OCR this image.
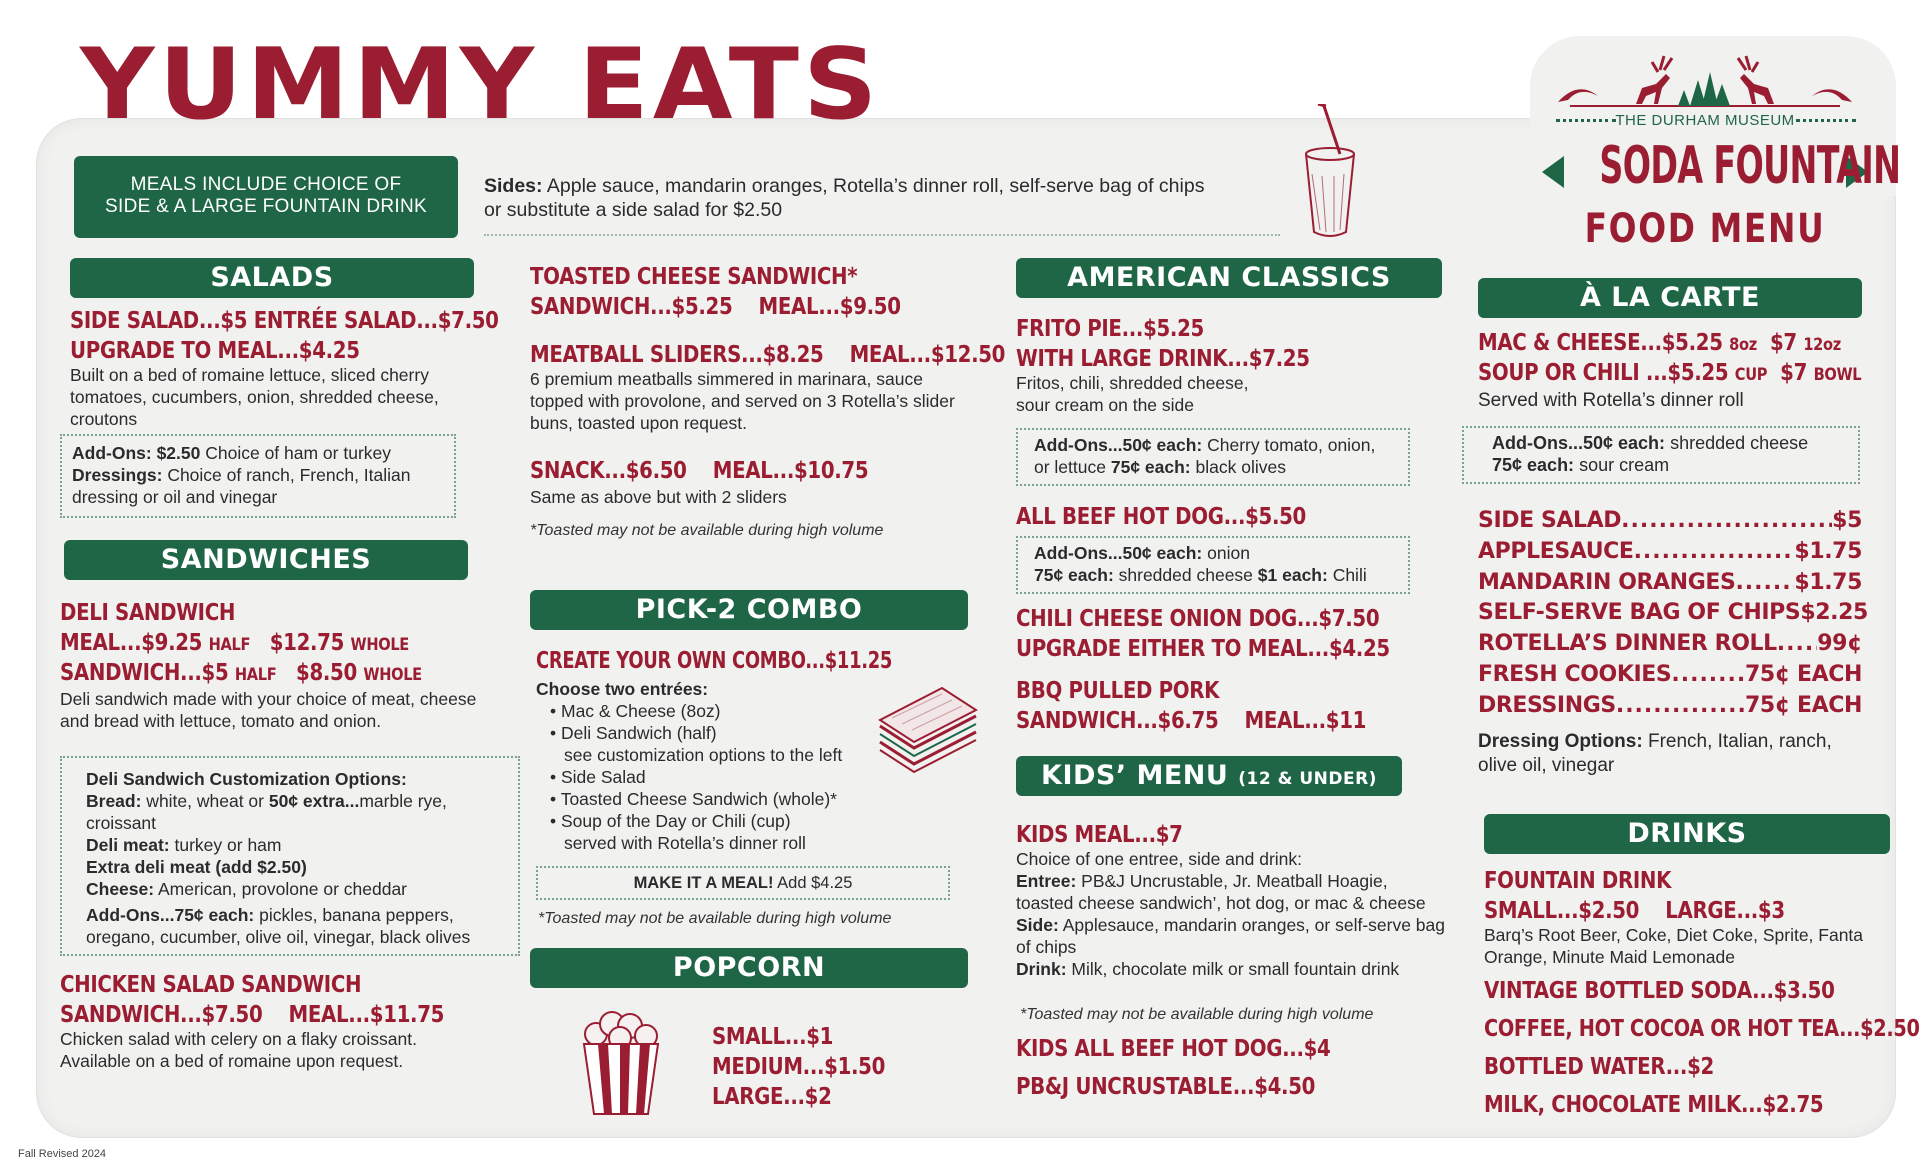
YUMMY EATS	THE DURHAM MUSEUM
SODA FOUNTAIN
FOOD MENU
MEALS INCLUDE CHOICE OF
SIDE & A LARGE FOUNTAIN DRINK
Sides: Apple sauce, mandarin oranges, Rotella’s dinner roll, self-serve bag of chips
or substitute a side salad for $2.50
SALADS
SIDE SALAD...$5 ENTRÉE SALAD...$7.50
UPGRADE TO MEAL...$4.25
Built on a bed of romaine lettuce, sliced cherry tomatoes, cucumbers, onion, shredded cheese, croutons
Add-Ons: $2.50 Choice of ham or turkey
Dressings: Choice of ranch, French, Italian dressing or oil and vinegar
SANDWICHES
DELI SANDWICH
MEAL...$9.25 HALF $12.75 WHOLE
SANDWICH...$5 HALF $8.50 WHOLE
Deli sandwich made with your choice of meat, cheese and bread with lettuce, tomato and onion.
Deli Sandwich Customization Options:
Bread: white, wheat or 50¢ extra...marble rye, croissant
Deli meat: turkey or ham
Extra deli meat (add $2.50)
Cheese: American, provolone or cheddar
Add-Ons...75¢ each: pickles, banana peppers, oregano, cucumber, olive oil, vinegar, black olives
CHICKEN SALAD SANDWICH
SANDWICH...$7.50    MEAL...$11.75
Chicken salad with celery on a flaky croissant. Available on a bed of romaine upon request.
TOASTED CHEESE SANDWICH*
SANDWICH...$5.25    MEAL...$9.50
MEATBALL SLIDERS...$8.25    MEAL...$12.50
6 premium meatballs simmered in marinara, sauce topped with provolone, and served on 3 Rotella’s slider buns, toasted upon request.
SNACK...$6.50    MEAL...$10.75
Same as above but with 2 sliders
*Toasted may not be available during high volume
PICK-2 COMBO
CREATE YOUR OWN COMBO...$11.25
Choose two entrées:
• Mac & Cheese (8oz)
• Deli Sandwich (half)
see customization options to the left
• Side Salad
• Toasted Cheese Sandwich (whole)*
• Soup of the Day or Chili (cup)
served with Rotella’s dinner roll
MAKE IT A MEAL! Add $4.25
*Toasted may not be available during high volume
POPCORN
SMALL...$1
MEDIUM...$1.50
LARGE...$2
AMERICAN CLASSICS
FRITO PIE...$5.25
WITH LARGE DRINK...$7.25
Fritos, chili, shredded cheese, sour cream on the side
Add-Ons...50¢ each: Cherry tomato, onion, or lettuce 75¢ each: black olives
ALL BEEF HOT DOG...$5.50
Add-Ons...50¢ each: onion
75¢ each: shredded cheese $1 each: Chili
CHILI CHEESE ONION DOG...$7.50
UPGRADE EITHER TO MEAL...$4.25
BBQ PULLED PORK
SANDWICH...$6.75    MEAL...$11
KIDS’ MENU (12 & UNDER)
KIDS MEAL...$7
Choice of one entree, side and drink:
Entree: PB&J Uncrustable, Jr. Meatball Hoagie, toasted cheese sandwich’, hot dog, or mac & cheese
Side: Applesauce, mandarin oranges, or self-serve bag of chips
Drink: Milk, chocolate milk or small fountain drink
*Toasted may not be available during high volume
KIDS ALL BEEF HOT DOG...$4
PB&J UNCRUSTABLE...$4.50
À LA CARTE
MAC & CHEESE...$5.25 8oz $7 12oz
SOUP OR CHILI ...$5.25 CUP $7 BOWL
Served with Rotella’s dinner roll
Add-Ons...50¢ each: shredded cheese
75¢ each: sour cream
SIDE SALAD .....	$5
APPLESAUCE .....	$1.75
MANDARIN ORANGES .....	$1.75
SELF-SERVE BAG OF CHIPS $2.25
ROTELLA’S DINNER ROLL ..... 99¢
FRESH COOKIES .....	75¢ EACH
DRESSINGS .....	75¢ EACH
Dressing Options: French, Italian, ranch, olive oil, vinegar
DRINKS
FOUNTAIN DRINK
SMALL...$2.50    LARGE...$3
Barq’s Root Beer, Coke, Diet Coke, Sprite, Fanta Orange, Minute Maid Lemonade
VINTAGE BOTTLED SODA...$3.50
COFFEE, HOT COCOA OR HOT TEA...$2.50
BOTTLED WATER...$2
MILK, CHOCOLATE MILK...$2.75
Fall Revised 2024
